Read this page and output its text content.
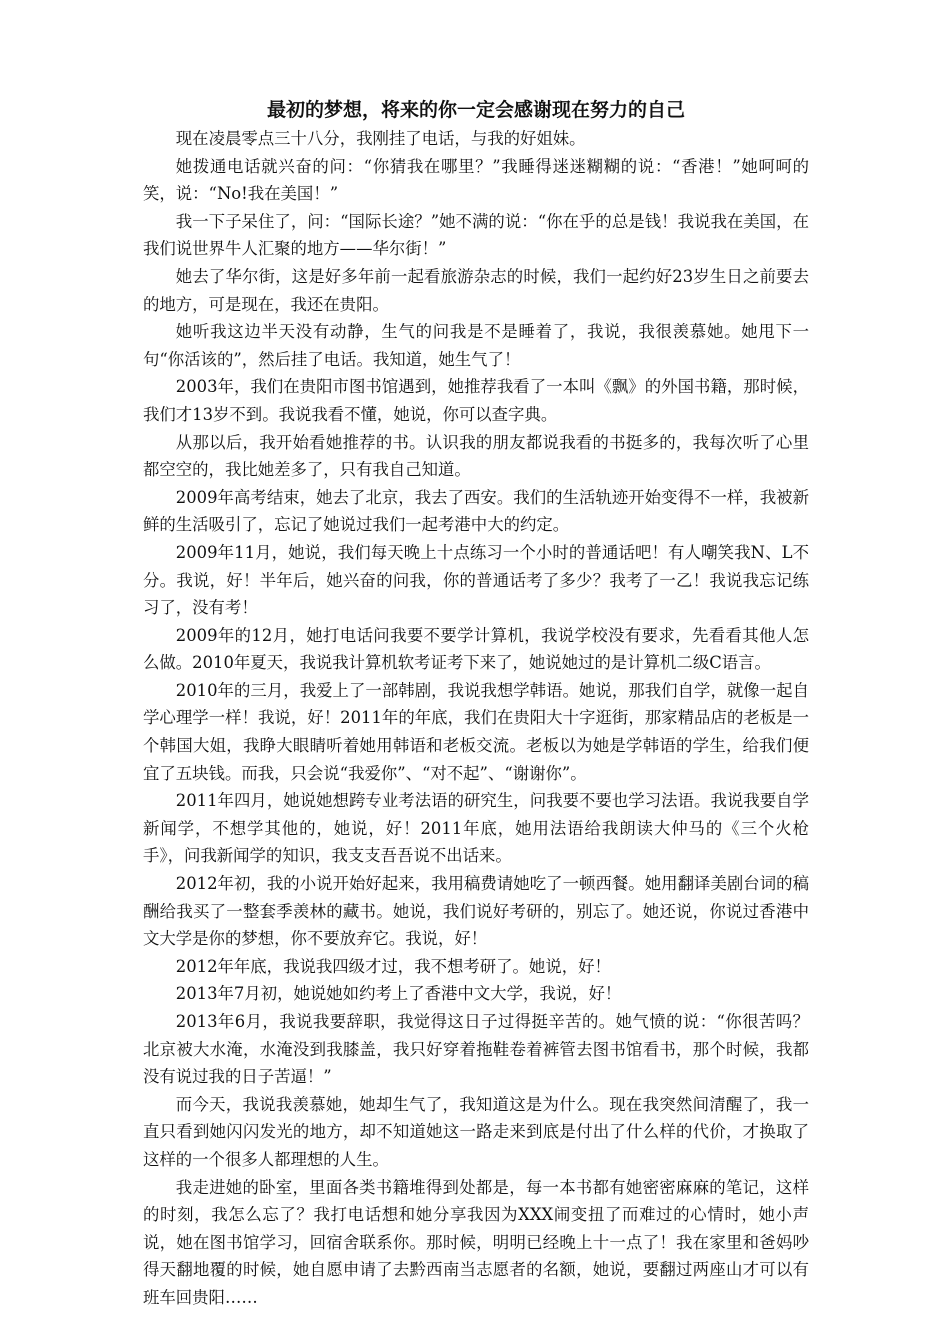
最初的梦想，将来的你一定会感谢现在努力的自己

现在凌晨零点三十八分，我刚挂了电话，与我的好姐妹。

她拨通电话就兴奋的问：“你猜我在哪里？”我睡得迷迷糊糊的说：“香港！”她呵呵的笑，说：“No!我在美国！”

我一下子呆住了，问：“国际长途？”她不满的说：“你在乎的总是钱！我说我在美国，在我们说世界牛人汇聚的地方——华尔街！”

她去了华尔街，这是好多年前一起看旅游杂志的时候，我们一起约好23岁生日之前要去的地方，可是现在，我还在贵阳。

她听我这边半天没有动静，生气的问我是不是睡着了，我说，我很羡慕她。她甩下一句“你活该的”，然后挂了电话。我知道，她生气了！

2003年，我们在贵阳市图书馆遇到，她推荐我看了一本叫《飘》的外国书籍，那时候，我们才13岁不到。我说我看不懂，她说，你可以查字典。

从那以后，我开始看她推荐的书。认识我的朋友都说我看的书挺多的，我每次听了心里都空空的，我比她差多了，只有我自己知道。

2009年高考结束，她去了北京，我去了西安。我们的生活轨迹开始变得不一样，我被新鲜的生活吸引了，忘记了她说过我们一起考港中大的约定。

2009年11月，她说，我们每天晚上十点练习一个小时的普通话吧！有人嘲笑我N、L不分。我说，好！半年后，她兴奋的问我，你的普通话考了多少？我考了一乙！我说我忘记练习了，没有考！

2009年的12月，她打电话问我要不要学计算机，我说学校没有要求，先看看其他人怎么做。2010年夏天，我说我计算机软考证考下来了，她说她过的是计算机二级C语言。

2010年的三月，我爱上了一部韩剧，我说我想学韩语。她说，那我们自学，就像一起自学心理学一样！我说，好！2011年的年底，我们在贵阳大十字逛街，那家精品店的老板是一个韩国大姐，我睁大眼睛听着她用韩语和老板交流。老板以为她是学韩语的学生，给我们便宜了五块钱。而我，只会说“我爱你”、“对不起”、“谢谢你”。

2011年四月，她说她想跨专业考法语的研究生，问我要不要也学习法语。我说我要自学新闻学，不想学其他的，她说，好！2011年底，她用法语给我朗读大仲马的《三个火枪手》，问我新闻学的知识，我支支吾吾说不出话来。

2012年初，我的小说开始好起来，我用稿费请她吃了一顿西餐。她用翻译美剧台词的稿酬给我买了一整套季羡林的藏书。她说，我们说好考研的，别忘了。她还说，你说过香港中文大学是你的梦想，你不要放弃它。我说，好！

2012年年底，我说我四级才过，我不想考研了。她说，好！

2013年7月初，她说她如约考上了香港中文大学，我说，好！

2013年6月，我说我要辞职，我觉得这日子过得挺辛苦的。她气愤的说：“你很苦吗？北京被大水淹，水淹没到我膝盖，我只好穿着拖鞋卷着裤管去图书馆看书，那个时候，我都没有说过我的日子苦逼！”

而今天，我说我羡慕她，她却生气了，我知道这是为什么。现在我突然间清醒了，我一直只看到她闪闪发光的地方，却不知道她这一路走来到底是付出了什么样的代价，才换取了这样的一个很多人都理想的人生。

我走进她的卧室，里面各类书籍堆得到处都是，每一本书都有她密密麻麻的笔记，这样的时刻，我怎么忘了？我打电话想和她分享我因为XXX闹变扭了而难过的心情时，她小声说，她在图书馆学习，回宿舍联系你。那时候，明明已经晚上十一点了！我在家里和爸妈吵得天翻地覆的时候，她自愿申请了去黔西南当志愿者的名额，她说，要翻过两座山才可以有班车回贵阳……
